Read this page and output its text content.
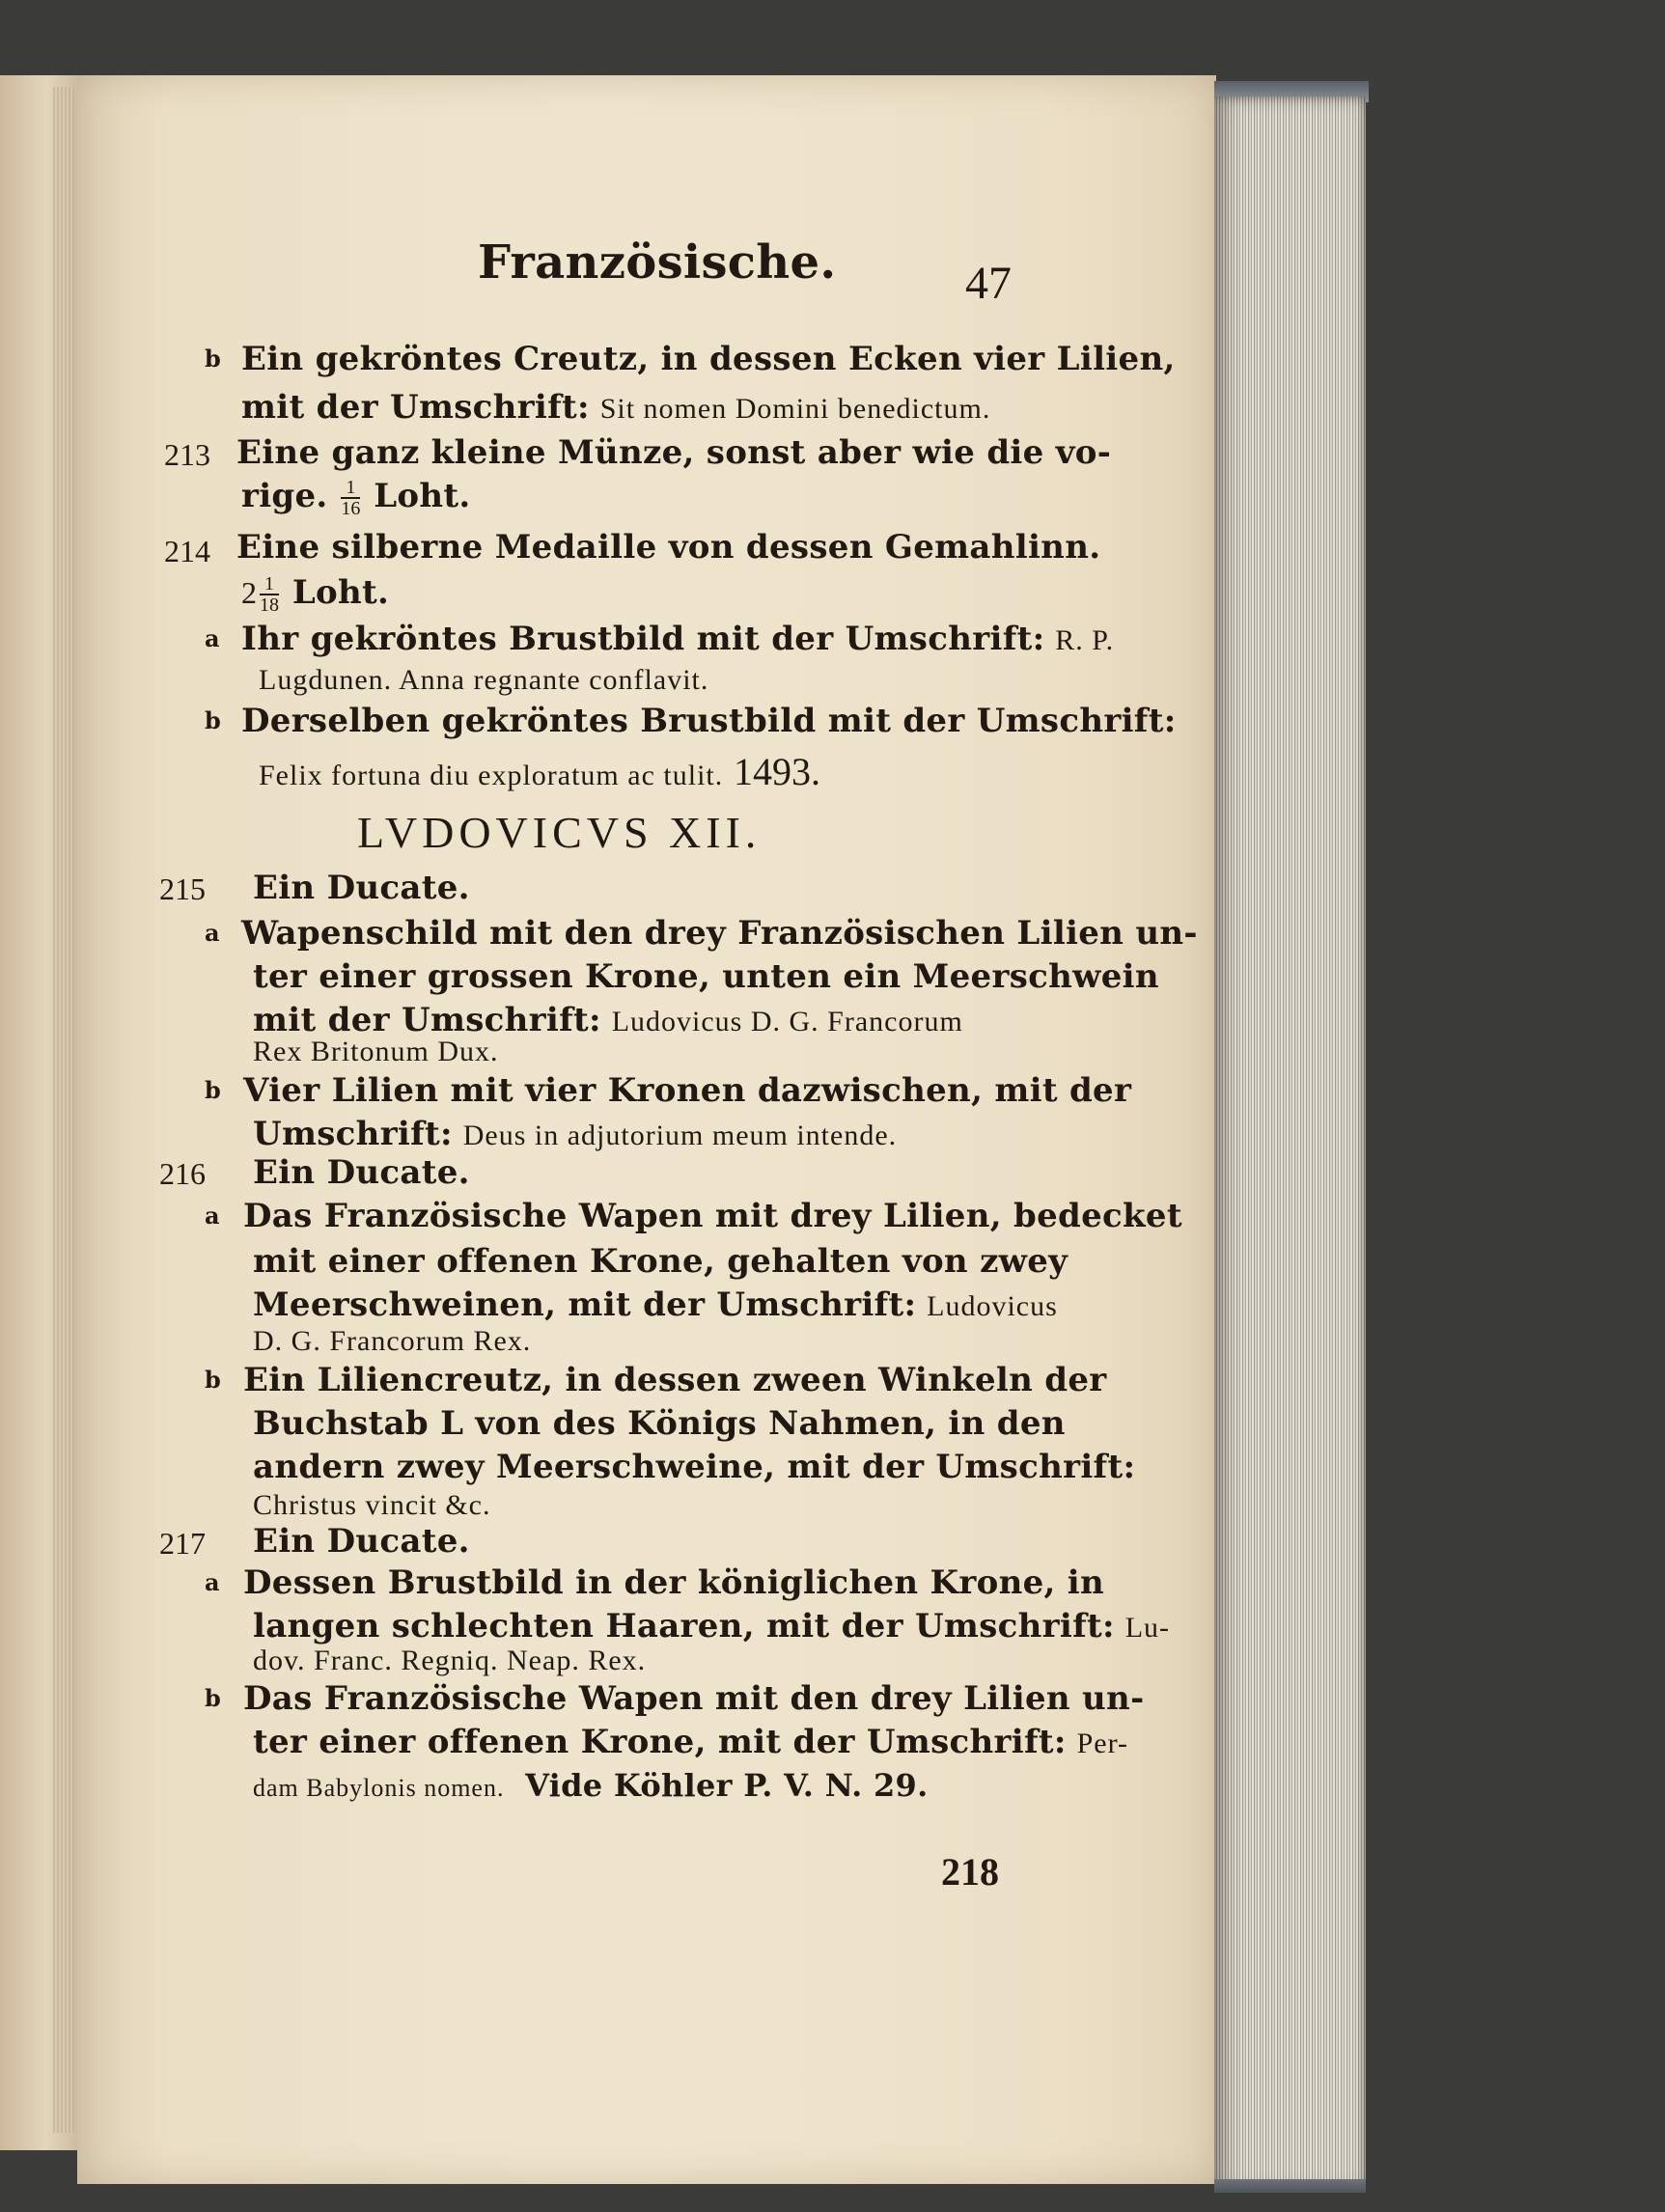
Französische.	47
b Ein gekröntes Creutz, in dessen Ecken vier Lilien,
mit der Umschrift: Sit nomen Domini benedictum.
213 Eine ganz kleine Münze, sonst aber wie die vo-
rige. $\frac{1}{16}$ Loht.
214 Eine silberne Medaille von dessen Gemahlinn.
$2 \frac{1}{18}$ Loht.
a Ihr gekröntes Brustbild mit der Umschrift: R. P.
Lugdunen. Anna regnante conflavit.
b Derselben gekröntes Brustbild mit der Umschrift:
Felix fortuna diu exploratum ac tulit. 1493.
LVDOVICVS XII.
215 Ein Ducate.
a Wapenschild mit den drey Französischen Lilien un-
ter einer grossen Krone, unten ein Meerschwein
mit der Umschrift: Ludovicus D. G. Francorum
Rex Britonum Dux.
b Vier Lilien mit vier Kronen dazwischen, mit der
Umschrift: Deus in adjutorium meum intende.
216 Ein Ducate.
a Das Französische Wapen mit drey Lilien, bedecket
mit einer offenen Krone, gehalten von zwey
Meerschweinen, mit der Umschrift: Ludovicus
D. G. Francorum Rex.
b Ein Liliencreutz, in dessen zween Winkeln der
Buchstab L von des Königs Nahmen, in den
andern zwey Meerschweine, mit der Umschrift:
Christus vincit &c.
217 Ein Ducate.
a Dessen Brustbild in der königlichen Krone, in
langen schlechten Haaren, mit der Umschrift: Lu-
dov. Franc. Regniq. Neap. Rex.
b Das Französische Wapen mit den drey Lilien un-
ter einer offenen Krone, mit der Umschrift: Per-
dam Babylonis nomen. Vide Köhler P. V. N. 29.
218
